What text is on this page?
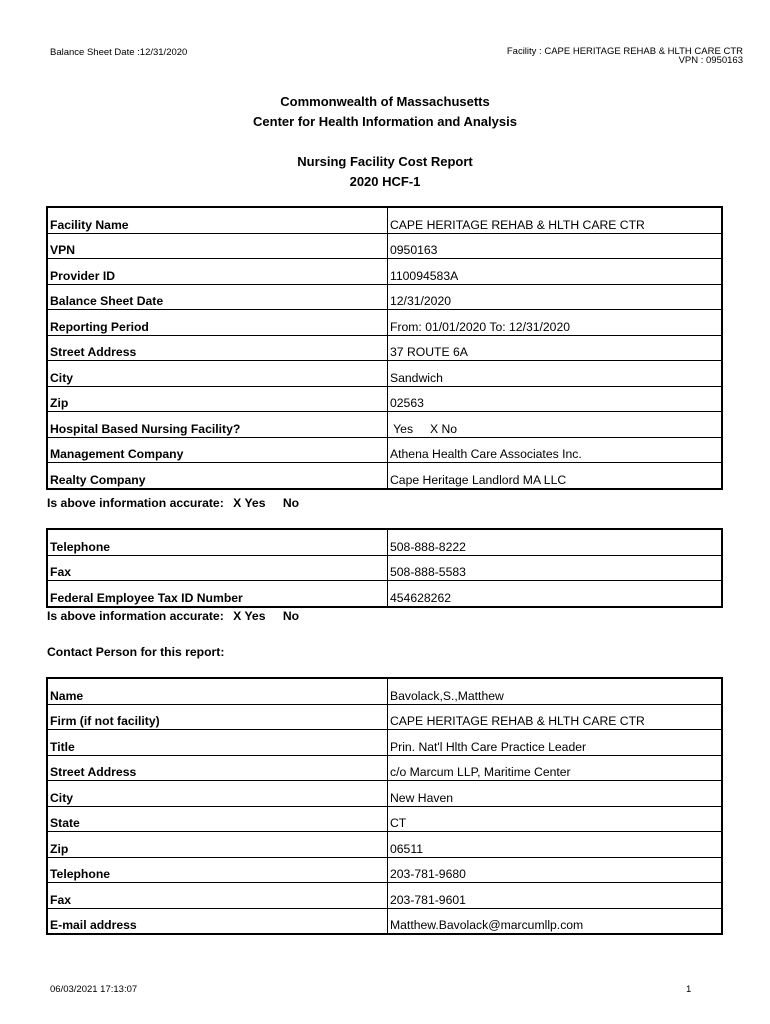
Balance Sheet Date :12/31/2020	Facility : CAPE HERITAGE REHAB & HLTH CARE CTR
VPN : 0950163
Commonwealth of Massachusetts
Center for Health Information and Analysis
Nursing Facility Cost Report
2020 HCF-1
Facility Name	CAPE HERITAGE REHAB & HLTH CARE CTR
VPN	0950163
Provider ID	110094583A
Balance Sheet Date	12/31/2020
Reporting Period	From: 01/01/2020 To: 12/31/2020
Street Address	37 ROUTE 6A
City	Sandwich
Zip	02563
Hospital Based Nursing Facility?	Yes     X No
Management Company	Athena Health Care Associates Inc.
Realty Company	Cape Heritage Landlord MA LLC
Is above information accurate: X Yes No
Telephone	508-888-8222
Fax	508-888-5583
Federal Employee Tax ID Number	454628262
Is above information accurate: X Yes No
Contact Person for this report:
Name	Bavolack,S.,Matthew
Firm (if not facility)	CAPE HERITAGE REHAB & HLTH CARE CTR
Title	Prin. Nat'l Hlth Care Practice Leader
Street Address	c/o Marcum LLP, Maritime Center
City	New Haven
State	CT
Zip	06511
Telephone	203-781-9680
Fax	203-781-9601
E-mail address	Matthew.Bavolack@marcumllp.com
06/03/2021 17:13:07	1
